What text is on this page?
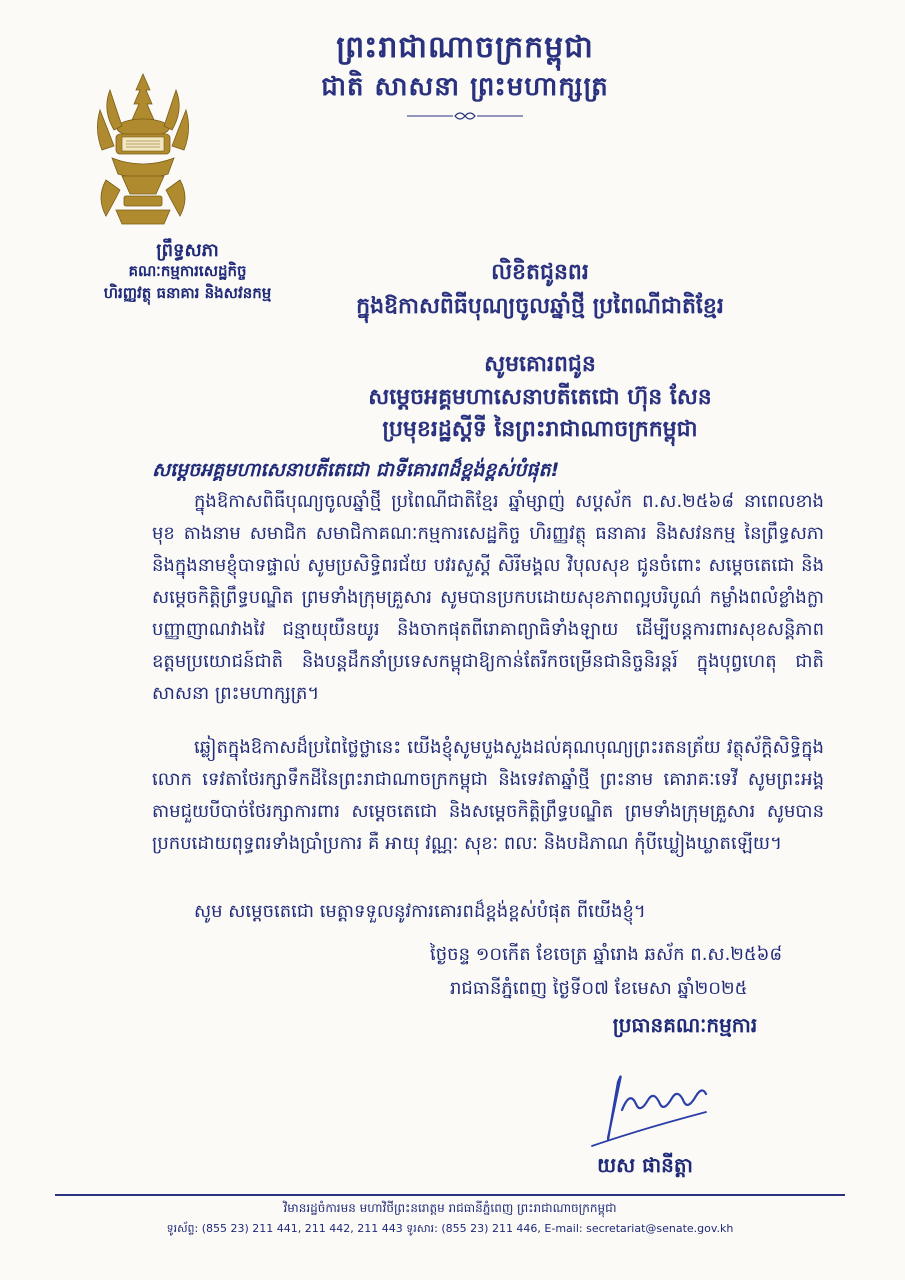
ព្រះរាជាណាចក្រកម្ពុជា
ជាតិ សាសនា ព្រះមហាក្សត្រ
ព្រឹទ្ធសភា
គណៈកម្មការសេដ្ឋកិច្ច
ហិរញ្ញវត្ថុ ធនាគារ និងសវនកម្ម
លិខិតជូនពរ
ក្នុងឱកាសពិធីបុណ្យចូលឆ្នាំថ្មី ប្រពៃណីជាតិខ្មែរ
សូមគោរពជូន
សម្ដេចអគ្គមហាសេនាបតីតេជោ ហ៊ុន សែន
ប្រមុខរដ្ឋស្ដីទី នៃព្រះរាជាណាចក្រកម្ពុជា
សម្ដេចអគ្គមហាសេនាបតីតេជោ ជាទីគោរពដ៏ខ្ពង់ខ្ពស់បំផុត!
ក្នុងឱកាសពិធីបុណ្យចូលឆ្នាំថ្មី ប្រពៃណីជាតិខ្មែរ ឆ្នាំម្សាញ់ សប្តស័ក ព.ស.២៥៦៨ នាពេលខាងមុខ តាងនាម សមាជិក សមាជិកាគណៈកម្មការសេដ្ឋកិច្ច ហិរញ្ញវត្ថុ ធនាគារ និងសវនកម្ម នៃព្រឹទ្ធសភា និងក្នុងនាមខ្ញុំបាទផ្ទាល់ សូមប្រសិទ្ធិពរជ័យ បវរសួស្តី សិរីមង្គល វិបុលសុខ ជូនចំពោះ សម្ដេចតេជោ និងសម្ដេចកិត្តិព្រឹទ្ធបណ្ឌិត ព្រមទាំងក្រុមគ្រួសារ សូមបានប្រកបដោយសុខភាពល្អបរិបូណ៌ កម្លាំងពលំខ្លាំងក្លា បញ្ញាញាណវាងវៃ ជន្មាយុយឺនយូរ និងចាកផុតពីរោគាព្យាធិទាំងឡាយ ដើម្បីបន្តការពារសុខសន្តិភាព ឧត្តមប្រយោជន៍ជាតិ និងបន្តដឹកនាំប្រទេសកម្ពុជាឱ្យកាន់តែរីកចម្រើនជានិច្ចនិរន្តរ៍ ក្នុងបុព្វហេតុ ជាតិ សាសនា ព្រះមហាក្សត្រ។
ឆ្លៀតក្នុងឱកាសដ៏ប្រពៃថ្លៃថ្លានេះ យើងខ្ញុំសូមបួងសួងដល់គុណបុណ្យព្រះរតនត្រ័យ វត្ថុស័ក្តិសិទ្ធិក្នុងលោក ទេវតាថែរក្សាទឹកដីនៃព្រះរាជាណាចក្រកម្ពុជា និងទេវតាឆ្នាំថ្មី ព្រះនាម គោរាគៈទេវី សូមព្រះអង្គតាមជួយបីបាច់ថែរក្សាការពារ សម្ដេចតេជោ និងសម្ដេចកិត្តិព្រឹទ្ធបណ្ឌិត ព្រមទាំងក្រុមគ្រួសារ សូមបានប្រកបដោយពុទ្ធពរទាំងប្រាំប្រការ គឺ អាយុ វណ្ណៈ សុខៈ ពលៈ និងបដិភាណ កុំបីឃ្លៀងឃ្លាតឡើយ។
សូម សម្ដេចតេជោ មេត្តាទទួលនូវការគោរពដ៏ខ្ពង់ខ្ពស់បំផុត ពីយើងខ្ញុំ។
ថ្ងៃចន្ទ ១០កើត ខែចេត្រ ឆ្នាំរោង ឆស័ក ព.ស.២៥៦៨
រាជធានីភ្នំពេញ ថ្ងៃទី០៧ ខែមេសា ឆ្នាំ២០២៥
ប្រធានគណៈកម្មការ
យស ផានីត្តា
វិមានរដ្ឋចំការមន មហាវិថីព្រះនរោត្តម រាជធានីភ្នំពេញ ព្រះរាជាណាចក្រកម្ពុជា
ទូរស័ព្ទ: (855 23) 211 441, 211 442, 211 443 ទូរសារ: (855 23) 211 446, E-mail: secretariat@senate.gov.kh
